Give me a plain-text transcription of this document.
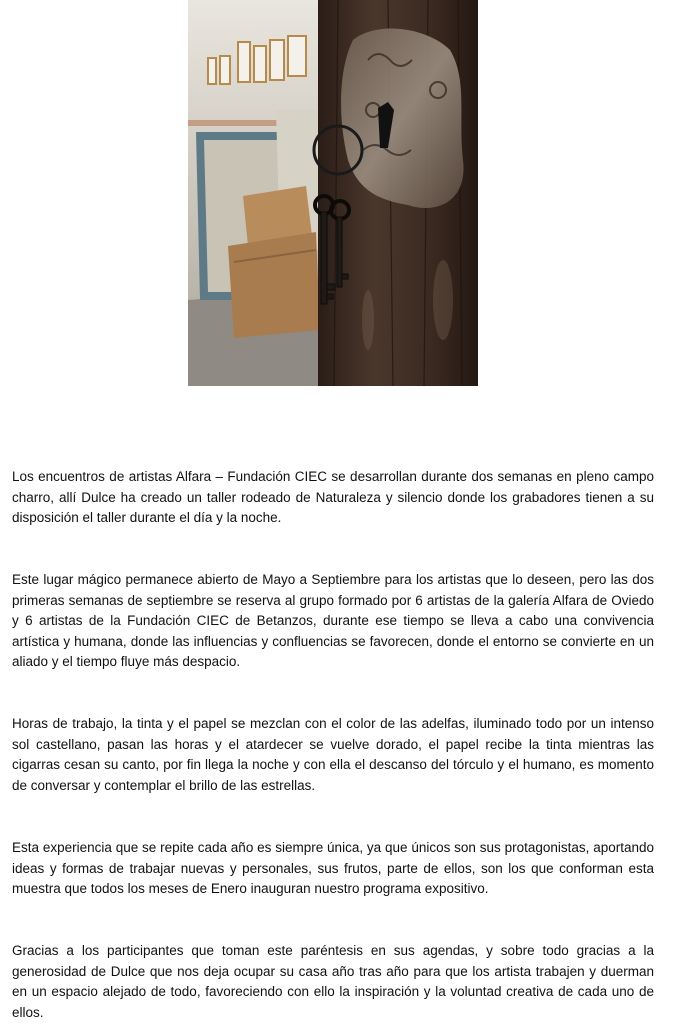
Los encuentros de artistas Alfara – Fundación CIEC se desarrollan durante dos semanas en pleno campo charro, allí Dulce ha creado un taller rodeado de Naturaleza y silencio donde los grabadores tienen a su disposición el taller durante el día y la noche.

Este lugar mágico permanece abierto de Mayo a Septiembre para los artistas que lo deseen, pero las dos primeras semanas de septiembre se reserva al grupo formado por 6 artistas de la galería Alfara de Oviedo y 6 artistas de la Fundación CIEC de Betanzos, durante ese tiempo se lleva a cabo una convivencia artística y humana, donde las influencias y confluencias se favorecen, donde el entorno se convierte en un aliado y el tiempo fluye más despacio.

Horas de trabajo, la tinta y el papel se mezclan con el color de las adelfas, iluminado todo por un intenso sol castellano, pasan las horas y el atardecer se vuelve dorado, el papel recibe la tinta mientras las cigarras cesan su canto, por fin llega la noche y con ella el descanso del tórculo y el humano, es momento de conversar y contemplar el brillo de las estrellas.

Esta experiencia que se repite cada año es siempre única, ya que únicos son sus protagonistas, aportando ideas y formas de trabajar nuevas y personales, sus frutos, parte de ellos, son los que conforman esta muestra que todos los meses de Enero inauguran nuestro programa expositivo.

Gracias a los participantes que toman este paréntesis en sus agendas, y sobre todo gracias a la generosidad de Dulce que nos deja ocupar su casa año tras año para que los artista trabajen y duerman en un espacio alejado de todo, favoreciendo con ello la inspiración y la voluntad creativa de cada uno de ellos.
